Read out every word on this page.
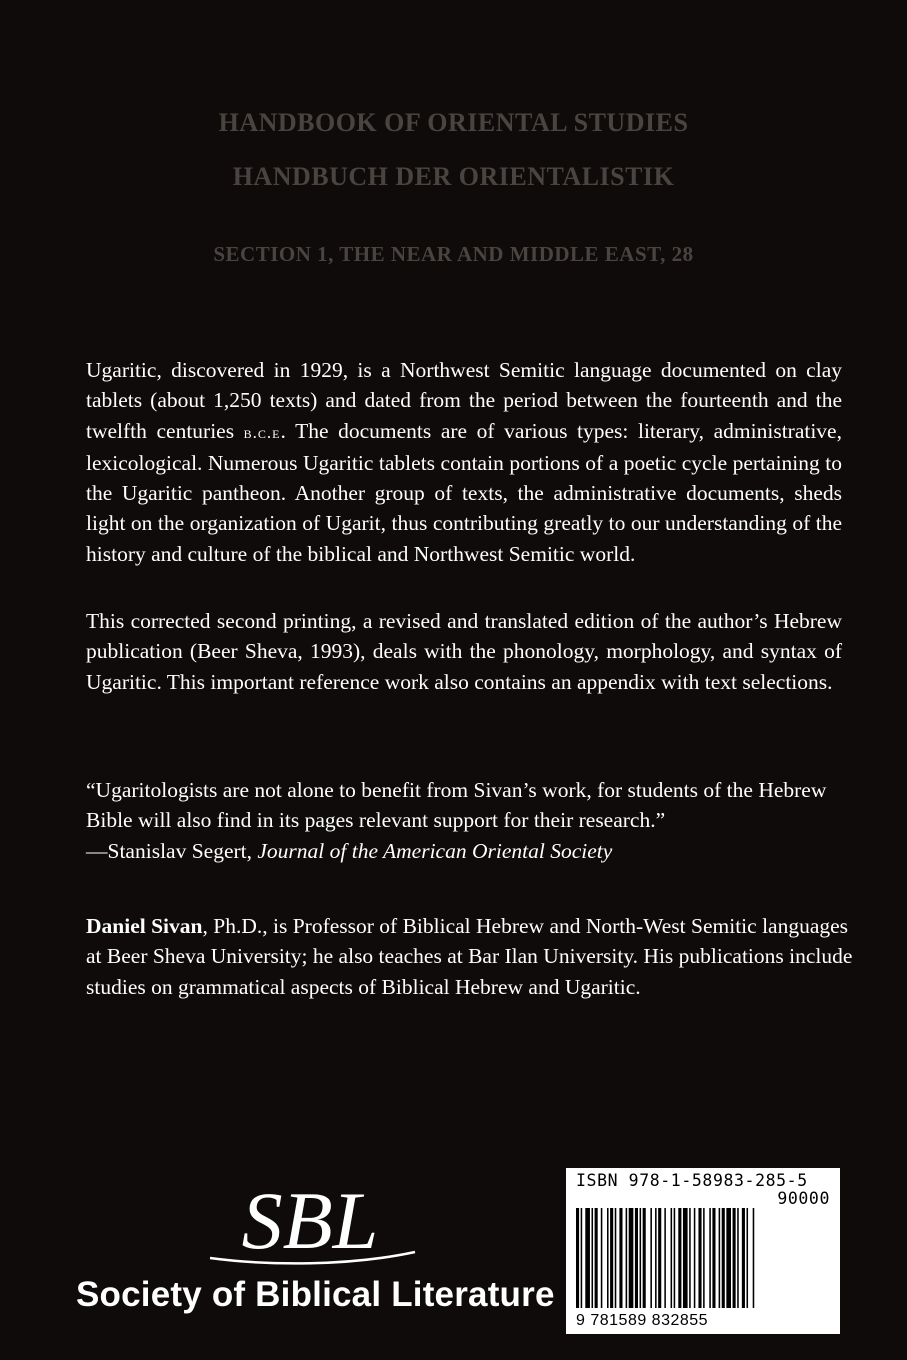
HANDBOOK OF ORIENTAL STUDIES
HANDBUCH DER ORIENTALISTIK
SECTION 1, THE NEAR AND MIDDLE EAST, 28
Ugaritic, discovered in 1929, is a Northwest Semitic language documented on clay tablets (about 1,250 texts) and dated from the period between the fourteenth and the twelfth centuries b.c.e. The documents are of various types: literary, administrative, lexicological. Numerous Ugaritic tablets contain portions of a poetic cycle pertaining to the Ugaritic pantheon. Another group of texts, the administrative documents, sheds light on the organization of Ugarit, thus contributing greatly to our understanding of the history and culture of the biblical and Northwest Semitic world.
This corrected second printing, a revised and translated edition of the author’s Hebrew publication (Beer Sheva, 1993), deals with the phonology, morphology, and syntax of Ugaritic. This important reference work also contains an appendix with text selections.
“Ugaritologists are not alone to benefit from Sivan’s work, for students of the Hebrew Bible will also find in its pages relevant support for their research.”
—Stanislav Segert, Journal of the American Oriental Society
Daniel Sivan, Ph.D., is Professor of Biblical Hebrew and North-West Semitic languages at Beer Sheva University; he also teaches at Bar Ilan University. His publications include studies on grammatical aspects of Biblical Hebrew and Ugaritic.
SBL
Society of Biblical Literature
ISBN 978-1-58983-285-5
90000
9 781589 832855
